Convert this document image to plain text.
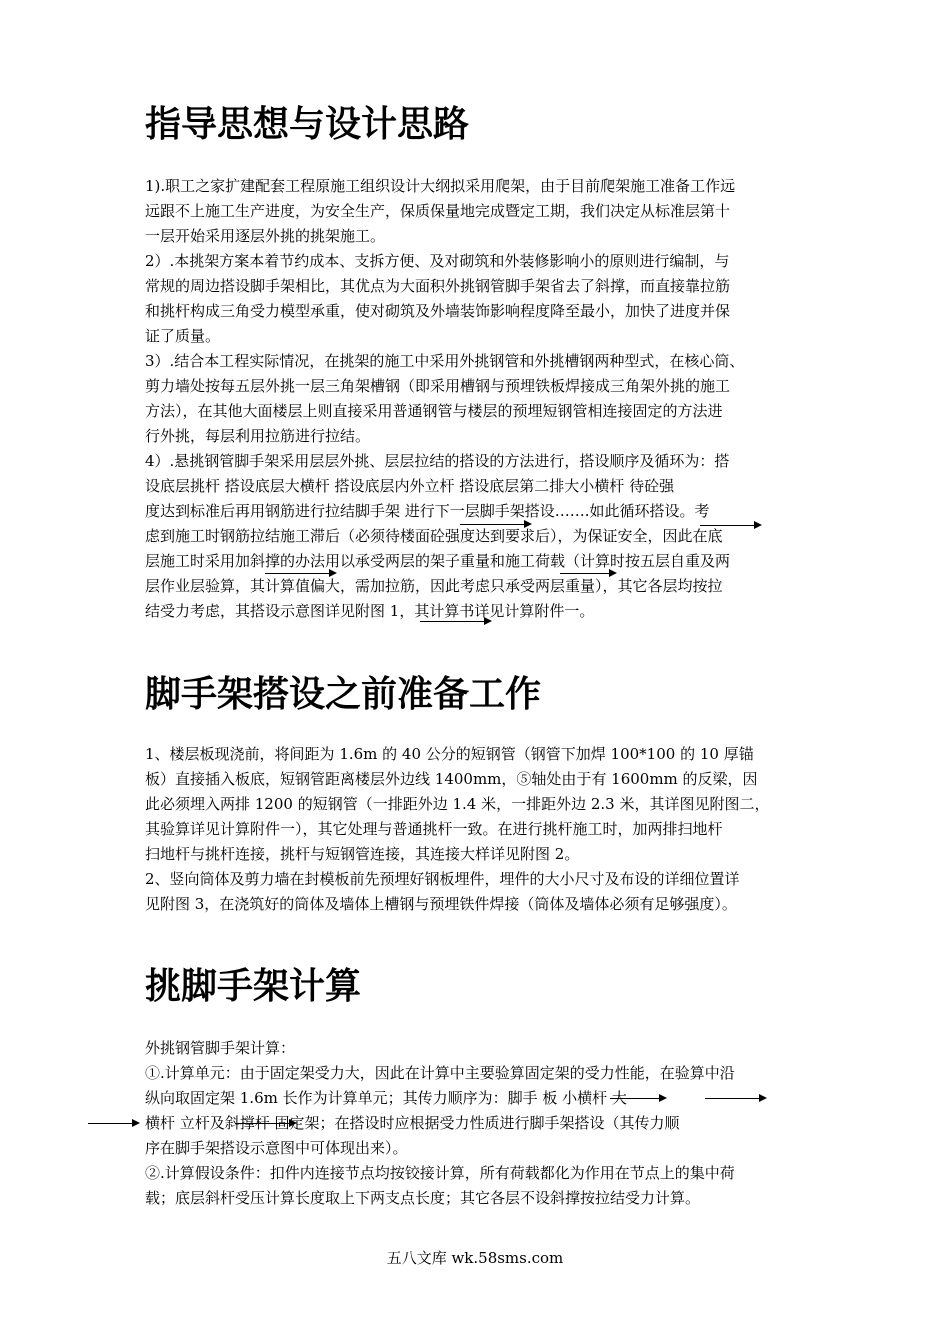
指导思想与设计思路
1).职工之家扩建配套工程原施工组织设计大纲拟采用爬架，由于目前爬架施工准备工作远
远跟不上施工生产进度，为安全生产，保质保量地完成暨定工期，我们决定从标准层第十
一层开始采用逐层外挑的挑架施工。
2）.本挑架方案本着节约成本、支拆方便、及对砌筑和外装修影响小的原则进行编制，与
常规的周边搭设脚手架相比，其优点为大面积外挑钢管脚手架省去了斜撑，而直接靠拉筋
和挑杆构成三角受力模型承重，使对砌筑及外墙装饰影响程度降至最小，加快了进度并保
证了质量。
3）.结合本工程实际情况，在挑架的施工中采用外挑钢管和外挑槽钢两种型式，在核心筒、
剪力墙处按每五层外挑一层三角架槽钢（即采用槽钢与预埋铁板焊接成三角架外挑的施工
方法），在其他大面楼层上则直接采用普通钢管与楼层的预埋短钢管相连接固定的方法进
行外挑，每层利用拉筋进行拉结。
4）.悬挑钢管脚手架采用层层外挑、层层拉结的搭设的方法进行，搭设顺序及循环为：搭
设底层挑杆 搭设底层大横杆 搭设底层内外立杆 搭设底层第二排大小横杆 待砼强
度达到标准后再用钢筋进行拉结脚手架 进行下一层脚手架搭设…….如此循环搭设。考
虑到施工时钢筋拉结施工滞后（必须待楼面砼强度达到要求后），为保证安全，因此在底
层施工时采用加斜撑的办法用以承受两层的架子重量和施工荷载（计算时按五层自重及两
层作业层验算，其计算值偏大，需加拉筋，因此考虑只承受两层重量），其它各层均按拉
结受力考虑，其搭设示意图详见附图 1，其计算书详见计算附件一。
脚手架搭设之前准备工作
1、楼层板现浇前，将间距为 1.6m 的 40 公分的短钢管（钢管下加焊 100*100 的 10 厚锚
板）直接插入板底，短钢管距离楼层外边线 1400mm，⑤轴处由于有 1600mm 的反梁，因
此必须埋入两排 1200 的短钢管（一排距外边 1.4 米，一排距外边 2.3 米，其详图见附图二，
其验算详见计算附件一），其它处理与普通挑杆一致。在进行挑杆施工时，加两排扫地杆
扫地杆与挑杆连接，挑杆与短钢管连接，其连接大样详见附图 2。
2、竖向筒体及剪力墙在封模板前先预埋好钢板埋件，埋件的大小尺寸及布设的详细位置详
见附图 3，在浇筑好的筒体及墙体上槽钢与预埋铁件焊接（筒体及墙体必须有足够强度）。
挑脚手架计算
外挑钢管脚手架计算：
①.计算单元：由于固定架受力大，因此在计算中主要验算固定架的受力性能，在验算中沿
纵向取固定架 1.6m 长作为计算单元；其传力顺序为：脚手 板 小横杆 大
横杆 立杆及斜撑杆 固定架；在搭设时应根据受力性质进行脚手架搭设（其传力顺
序在脚手架搭设示意图中可体现出来）。
②.计算假设条件：扣件内连接节点均按铰接计算，所有荷载都化为作用在节点上的集中荷
载；底层斜杆受压计算长度取上下两支点长度；其它各层不设斜撑按拉结受力计算。
五八文库 wk.58sms.com
